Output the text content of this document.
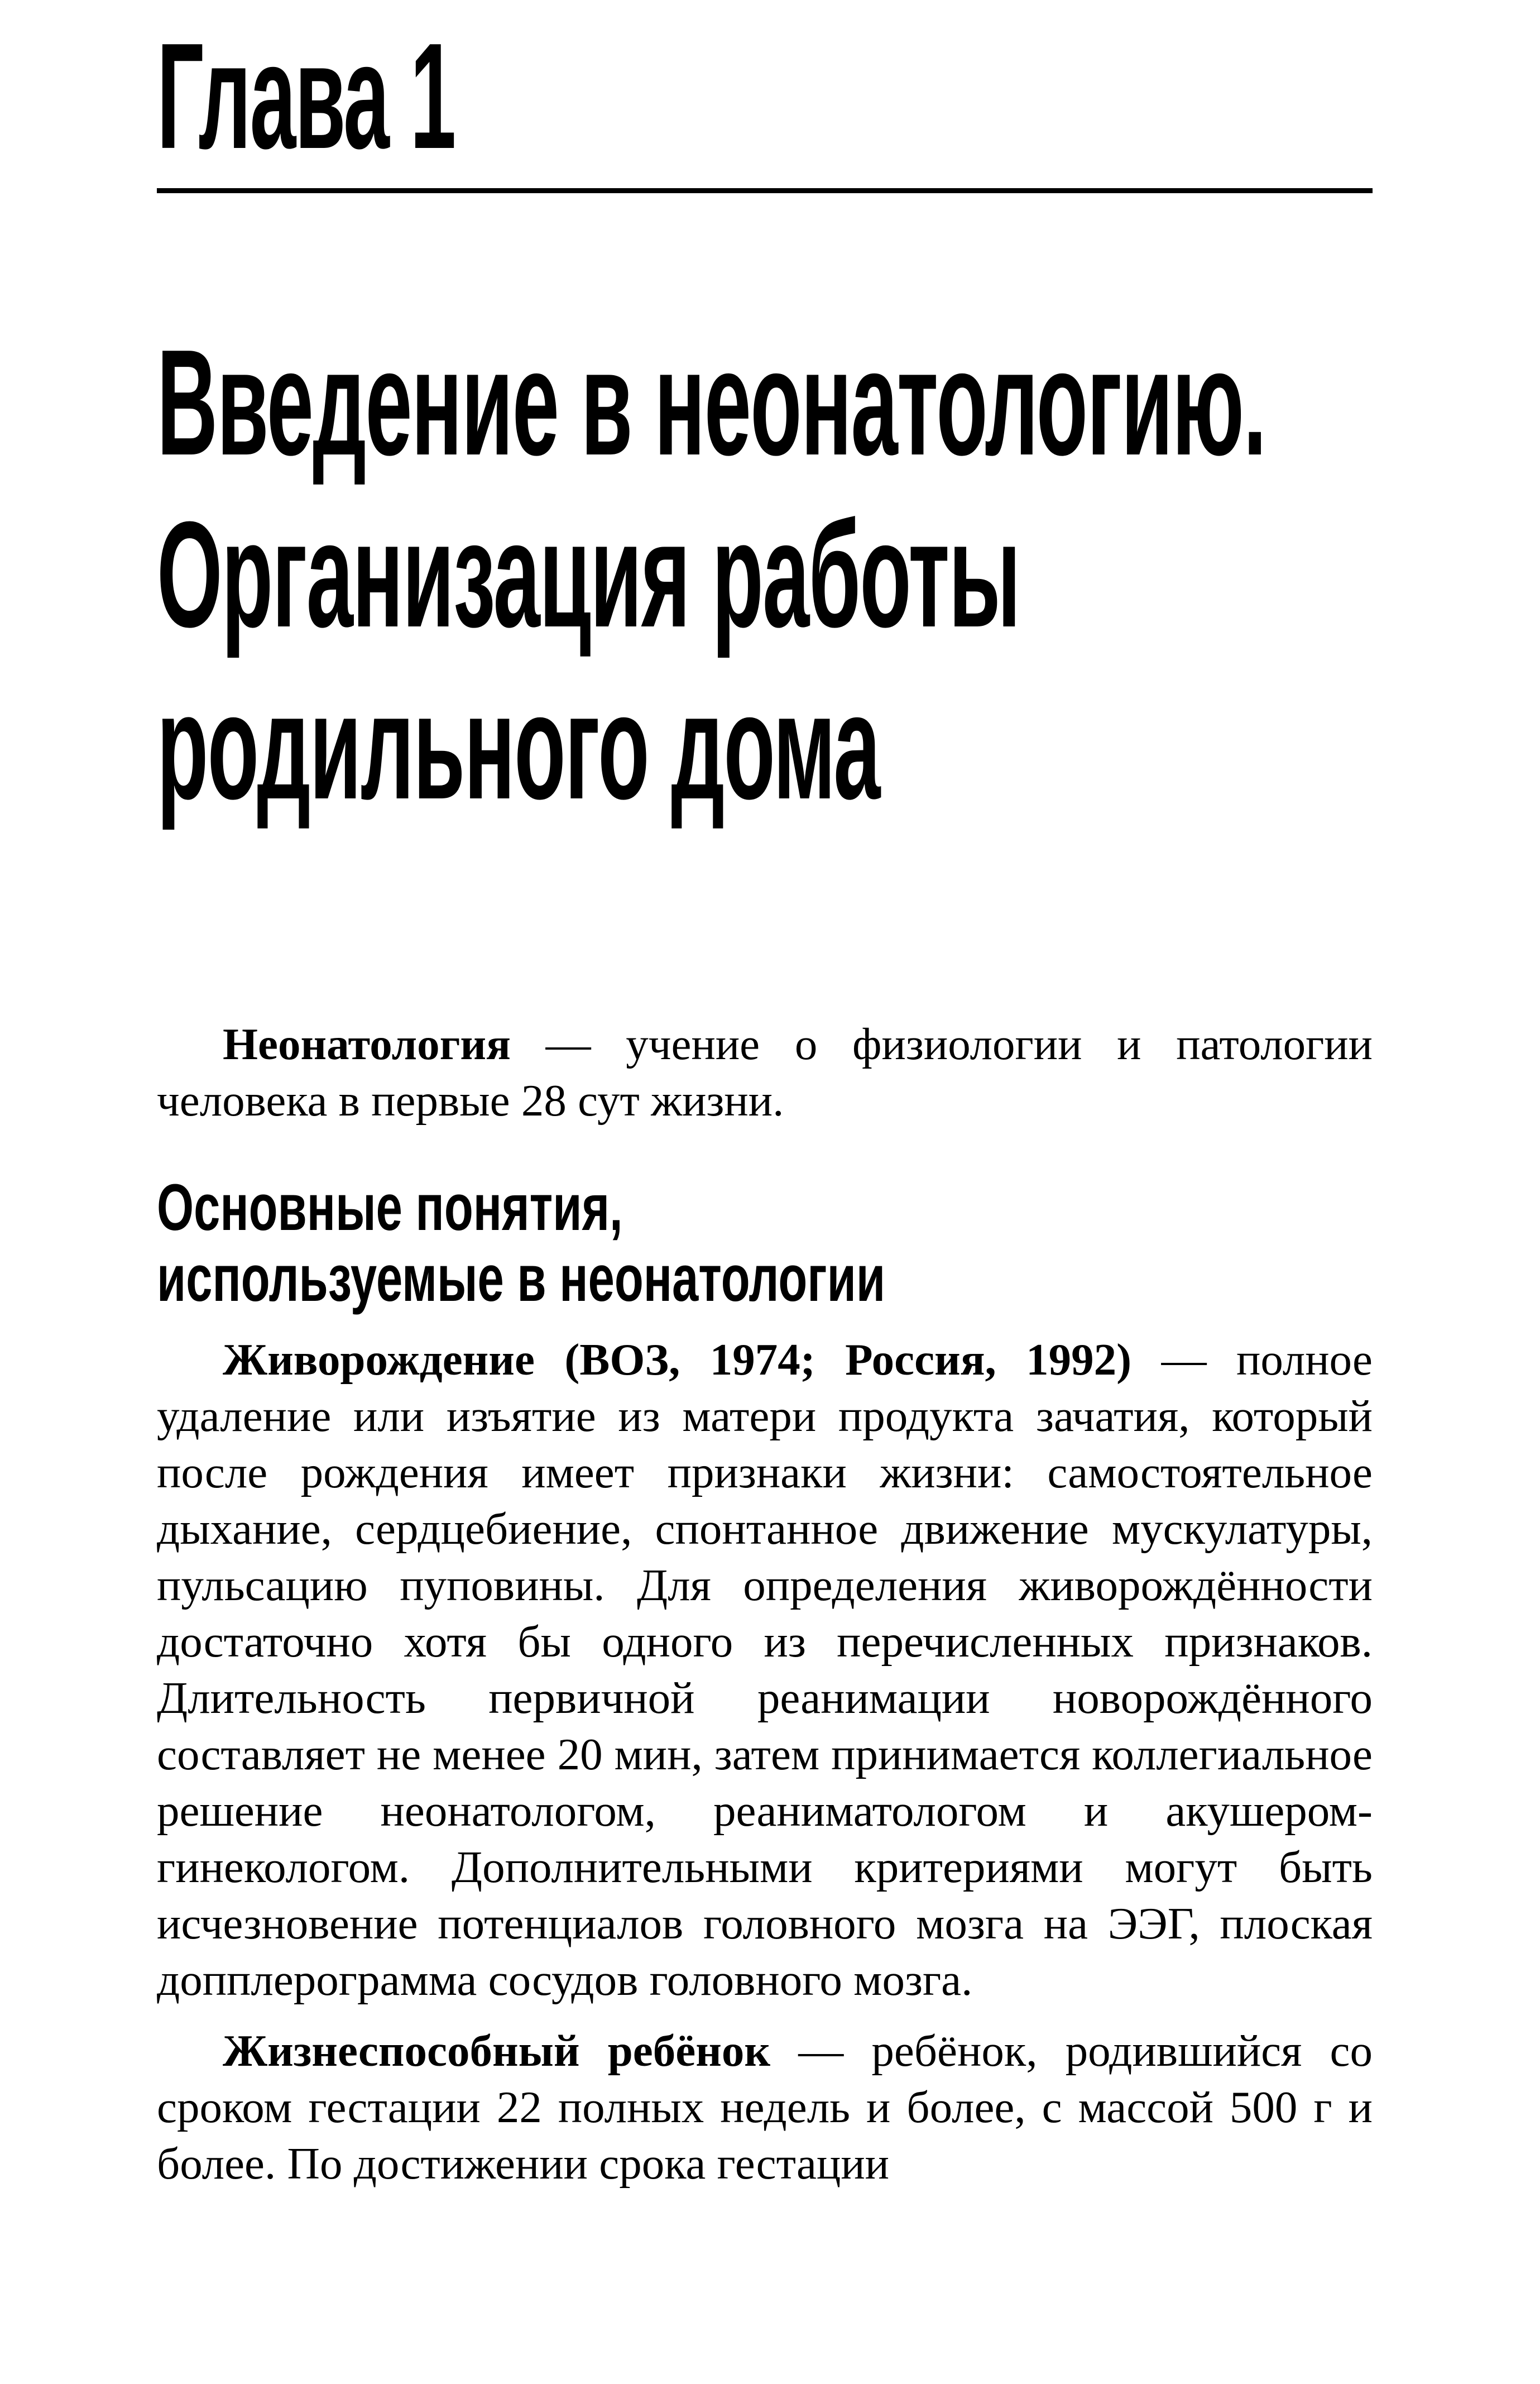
Глава 1
Введение в неонатологию.
Организация работы
родильного дома

Неонатология — учение о физиологии и патологии человека в первые 28 сут жизни.

Основные понятия,
используемые в неонатологии

Живорождение (ВОЗ, 1974; Россия, 1992) — полное удаление или изъятие из матери продукта зачатия, который после рождения имеет признаки жизни: самостоятельное дыхание, сердцебиение, спонтанное движение мускулатуры, пульсацию пуповины. Для определения живорождённости достаточно хотя бы одного из перечисленных признаков. Длительность первичной реанимации новорождённого составляет не менее 20 мин, затем принимается коллегиальное решение неонатологом, реаниматологом и акушером-гинекологом. Дополнительными критериями могут быть исчезновение потенциалов головного мозга на ЭЭГ, плоская допплерограмма сосудов головного мозга.

Жизнеспособный ребёнок — ребёнок, родившийся со сроком гестации 22 полных недель и более, с массой 500 г и более. По достижении срока гестации
